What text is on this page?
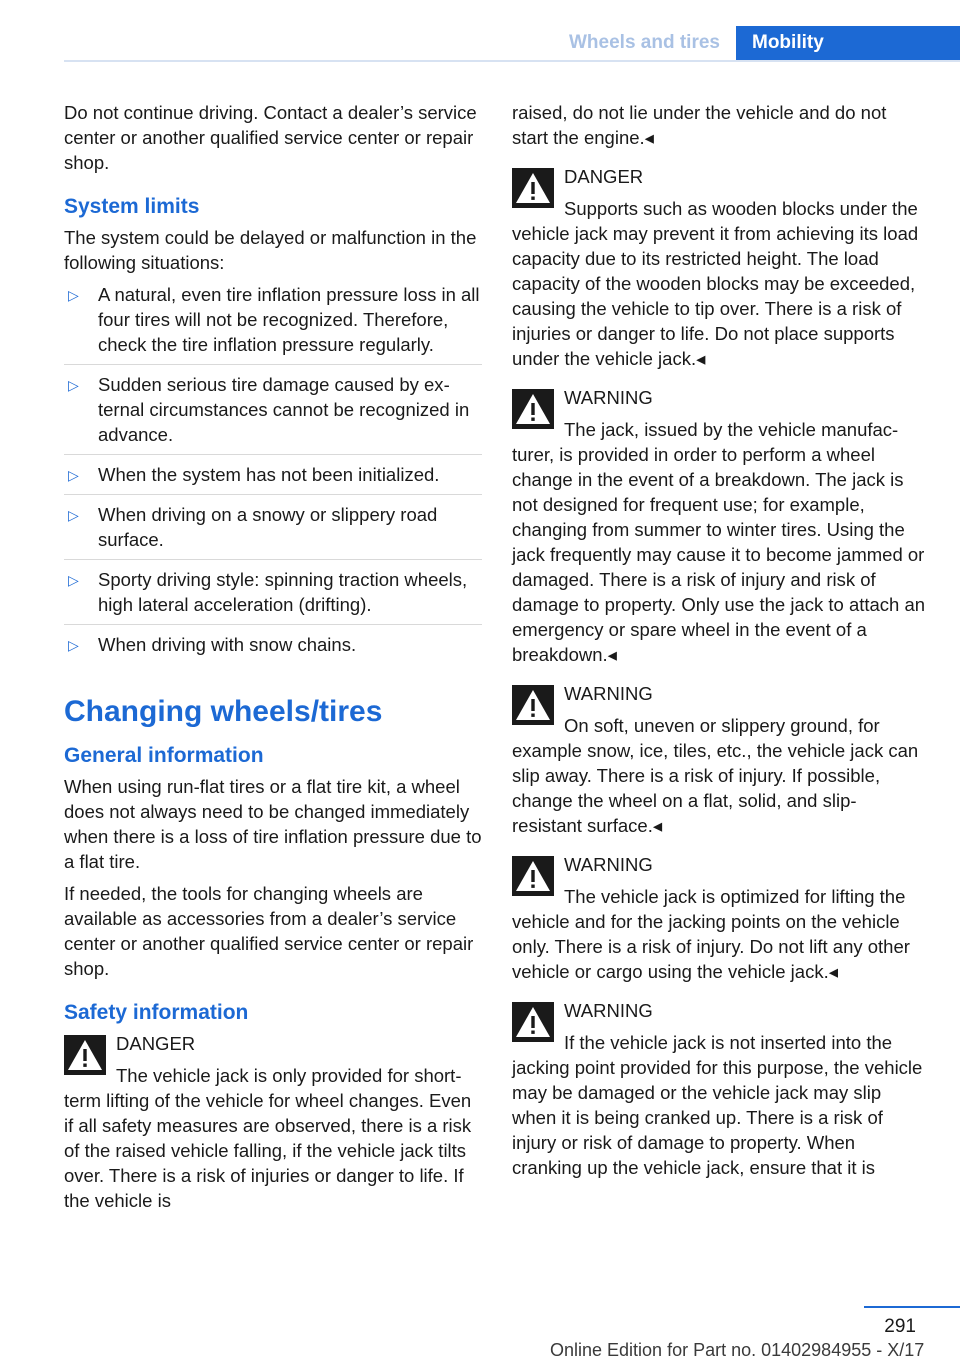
Wheels and tires	Mobility

Do not continue driving. Contact a dealer’s service center or another qualified service center or repair shop.

System limits

The system could be delayed or malfunction in the following situations:

▷ A natural, even tire inflation pressure loss in all four tires will not be recognized. Therefore, check the tire inflation pressure regularly.
▷ Sudden serious tire damage caused by external circumstances cannot be recognized in advance.
▷ When the system has not been initialized.
▷ When driving on a snowy or slippery road surface.
▷ Sporty driving style: spinning traction wheels, high lateral acceleration (drifting).
▷ When driving with snow chains.
Changing wheels/tires
General information

When using run-flat tires or a flat tire kit, a wheel does not always need to be changed immediately when there is a loss of tire inflation pressure due to a flat tire.

If needed, the tools for changing wheels are available as accessories from a dealer’s service center or another qualified service center or repair shop.

Safety information
DANGER
The vehicle jack is only provided for short-term lifting of the vehicle for wheel changes. Even if all safety measures are observed, there is a risk of the raised vehicle falling, if the vehicle jack tilts over. There is a risk of injuries or danger to life. If the vehicle is

raised, do not lie under the vehicle and do not start the engine.◂

DANGER
Supports such as wooden blocks under the vehicle jack may prevent it from achieving its load capacity due to its restricted height. The load capacity of the wooden blocks may be exceeded, causing the vehicle to tip over. There is a risk of injuries or danger to life. Do not place supports under the vehicle jack.◂
WARNING
The jack, issued by the vehicle manufacturer, is provided in order to perform a wheel change in the event of a breakdown. The jack is not designed for frequent use; for example, changing from summer to winter tires. Using the jack frequently may cause it to become jammed or damaged. There is a risk of injury and risk of damage to property. Only use the jack to attach an emergency or spare wheel in the event of a breakdown.◂
WARNING
On soft, uneven or slippery ground, for example snow, ice, tiles, etc., the vehicle jack can slip away. There is a risk of injury. If possible, change the wheel on a flat, solid, and slip-resistant surface.◂
WARNING
The vehicle jack is optimized for lifting the vehicle and for the jacking points on the vehicle only. There is a risk of injury. Do not lift any other vehicle or cargo using the vehicle jack.◂
WARNING
If the vehicle jack is not inserted into the jacking point provided for this purpose, the vehicle may be damaged or the vehicle jack may slip when it is being cranked up. There is a risk of injury or risk of damage to property. When cranking up the vehicle jack, ensure that it is
291
Online Edition for Part no. 01402984955 - X/17
